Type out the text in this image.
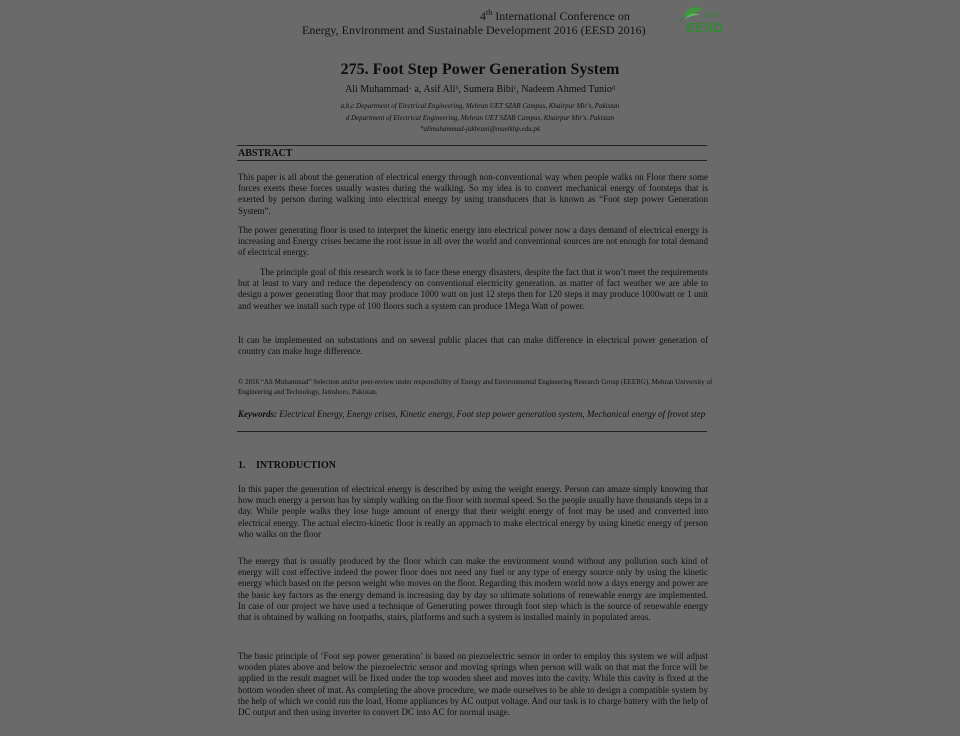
4th International Conference on
Energy, Environment and Sustainable Development 2016 (EESD 2016)
2016
EESD
275. Foot Step Power Generation System
Ali Muhammad· a, Asif Aliᵇ, Sumera Bibiᶜ, Nadeem Ahmed Tunioᵈ
a,b,c Department of Electrical Engineering, Mehran UET SZAB Campus, Khairpur Mir's, Pakistan
d Department of Electrical Engineering, Mehran UET SZAB Campus, Khairpur Mir's, Pakistan
*alimuhammad-jakhrani@muetkhp.edu.pk
ABSTRACT
This paper is all about the generation of electrical energy through non-conventional way when people walks on Floor there some forces exerts these forces usually wastes during the walking. So my idea is to convert mechanical energy of footsteps that is exerted by person during walking into electrical energy by using transducers that is known as “Foot step power Generation System”.
The power generating floor is used to interpret the kinetic energy into electrical power now a days demand of electrical energy is increasing and Energy crises became the root issue in all over the world and conventional sources are not enough for total demand of electrical energy.
The principle goal of this research work is to face these energy disasters, despite the fact that it won’t meet the requirements but at least to vary and reduce the dependency on conventional electricity generation. as matter of fact weather we are able to design a power generating floor that may produce 1000 watt on just 12 steps then for 120 steps it may produce 1000watt or 1 unit and weather we install such type of 100 floors such a system can produce 1Mega Watt of power.
It can be implemented on substations and on several public places that can make difference in electrical power generation of country can make huge difference.
© 2016 “Ali Muhammad” Selection and/or peer-review under responsibility of Energy and Environmental Engineering Research Group (EEERG), Mehran University of Engineering and Technology, Jamshoro, Pakistan.
Keywords: Electrical Energy, Energy crises, Kinetic energy, Foot step power generation system, Mechanical energy of frovot step
1. INTRODUCTION
In this paper the generation of electrical energy is described by using the weight energy. Person can amaze simply knowing that how much energy a person has by simply walking on the floor with normal speed. So the people usually have thousands steps in a day. While people walks they lose huge amount of energy that their weight energy of foot may be used and converted into electrical energy. The actual electro-kinetic floor is really an approach to make electrical energy by using kinetic energy of person who walks on the floor
The energy that is usually produced by the floor which can make the environment sound without any pollution such kind of energy will cost effective indeed the power floor does not need any fuel or any type of energy source only by using the kinetic energy which based on the person weight who moves on the floor. Regarding this modern world now a days energy and power are the basic key factors as the energy demand is increasing day by day so ultimate solutions of renewable energy are implemented. In case of our project we have used a technique of Generating power through foot step which is the source of renewable energy that is obtained by walking on footpaths, stairs, platforms and such a system is installed mainly in populated areas.
The basic principle of ‘Foot sep power generation’ is based on piezoelectric sensor in order to employ this system we will adjust wooden plates above and below the piezoelectric sensor and moving springs when person will walk on that mat the force will be applied in the result magnet will be fixed under the top wooden sheet and moves into the cavity. While this cavity is fixed at the bottom wooden sheet of mat. As completing the above procedure, we made ourselves to be able to design a compatible system by the help of which we could run the load, Home appliances by AC output voltage. And our task is to charge battery with the help of DC output and then using inverter to convert DC into AC for normal usage.
